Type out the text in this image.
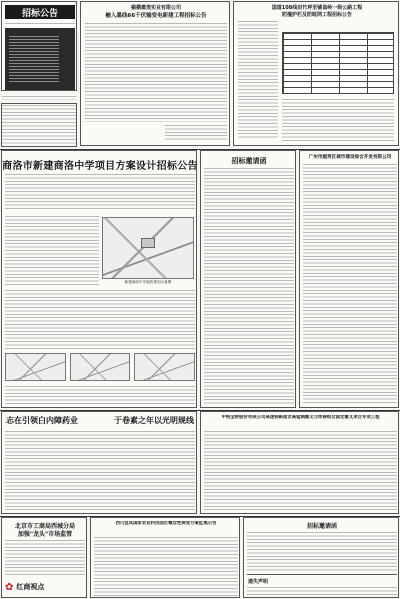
招标公告
榆横墨笼实业有限公司
榆入墨线66千伏输变电新建工程招标公告
国道108线田竹坪至铺盖岭一级公路工程
防撞护栏及防眩网工程招标公告
商洛市新建商洛中学项目方案设计招标公告
新建商洛中学地块规划示意图
招标邀请函	广州市越秀区城市建设综合开发有限公司
志在引领白内障药业	于卷素之年以光明规线	中铁宝桥股份有限公司高速铁路道岔高锰钢辙叉与焊接组合固定辙叉项目专项工程
北京市工商局西城分局
加强"龙头"市场监管
✿ 红商视点
西川宜宾国家农业科技园区概念性规划方案征集公告	招标邀请函
遗失声明
